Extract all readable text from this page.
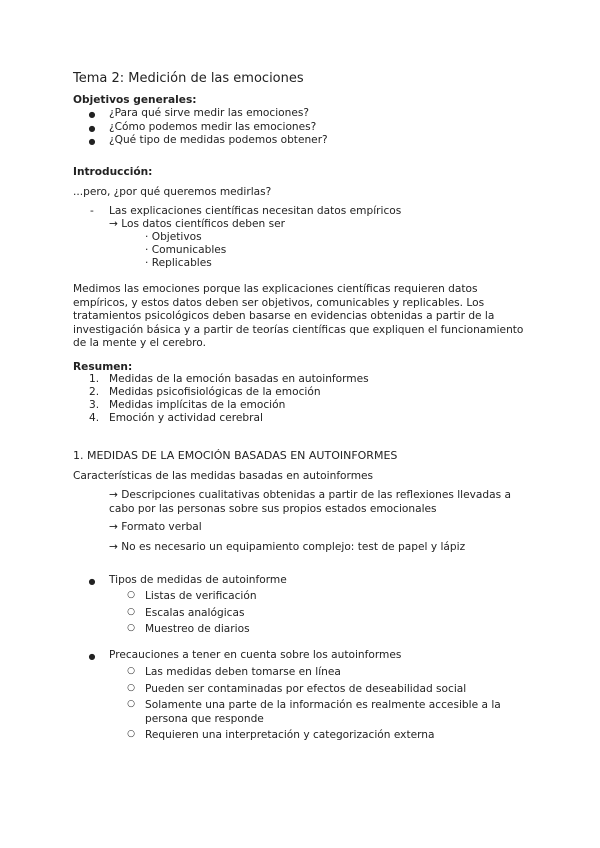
Tema 2: Medición de las emociones
Objetivos generales:
● ¿Para qué sirve medir las emociones?
● ¿Cómo podemos medir las emociones?
● ¿Qué tipo de medidas podemos obtener?
Introducción:
...pero, ¿por qué queremos medirlas?
- Las explicaciones científicas necesitan datos empíricos
→ Los datos científicos deben ser
· Objetivos
· Comunicables
· Replicables
Medimos las emociones porque las explicaciones científicas requieren datos empíricos, y estos datos deben ser objetivos, comunicables y replicables. Los tratamientos psicológicos deben basarse en evidencias obtenidas a partir de la investigación básica y a partir de teorías científicas que expliquen el funcionamiento de la mente y el cerebro.
Resumen:
1. Medidas de la emoción basadas en autoinformes
2. Medidas psicofisiológicas de la emoción
3. Medidas implícitas de la emoción
4. Emoción y actividad cerebral
1. MEDIDAS DE LA EMOCIÓN BASADAS EN AUTOINFORMES
Características de las medidas basadas en autoinformes
→ Descripciones cualitativas obtenidas a partir de las reflexiones llevadas a cabo por las personas sobre sus propios estados emocionales
→ Formato verbal
→ No es necesario un equipamiento complejo: test de papel y lápiz
● Tipos de medidas de autoinforme
○ Listas de verificación
○ Escalas analógicas
○ Muestreo de diarios
● Precauciones a tener en cuenta sobre los autoinformes
○ Las medidas deben tomarse en línea
○ Pueden ser contaminadas por efectos de deseabilidad social
○ Solamente una parte de la información es realmente accesible a la persona que responde
○ Requieren una interpretación y categorización externa
